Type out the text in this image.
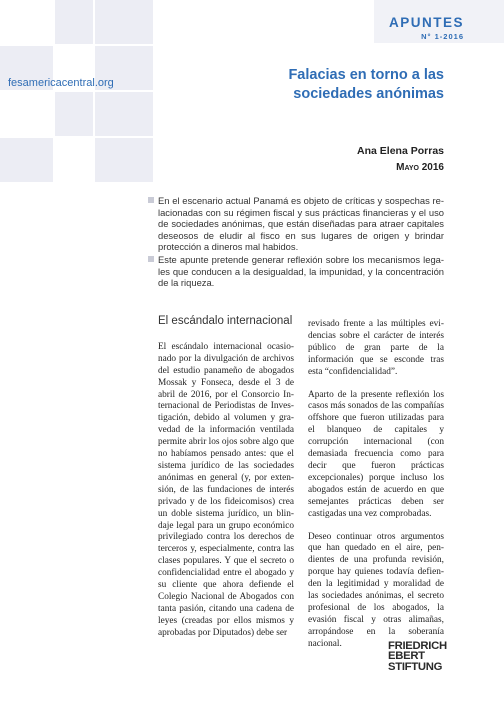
APUNTES
N° 1-2016
fesamericacentral.org	Falacias en torno a las
sociedades anónimas
Ana Elena Porras
Mayo 2016
En el escenario actual Panamá es objeto de críticas y sospechas relacionadas con su régimen fiscal y sus prácticas financieras y el uso de sociedades anónimas, que están diseñadas para atraer capitales deseosos de eludir al fisco en sus lugares de origen y brindar protección a dineros mal habidos.
Este apunte pretende generar reflexión sobre los mecanismos legales que conducen a la desigualdad, la impunidad, y la concentración de la riqueza.
El escándalo internacional

El escándalo internacional ocasionado por la divulgación de archivos del estudio panameño de abogados Mossak y Fonseca, desde el 3 de abril de 2016, por el Consorcio Internacional de Periodistas de Investigación, debido al volumen y gravedad de la información ventilada permite abrir los ojos sobre algo que no habíamos pensado antes: que el sistema jurídico de las sociedades anónimas en general (y, por extensión, de las fundaciones de interés privado y de los fideicomisos) crea un doble sistema jurídico, un blindaje legal para un grupo económico privilegiado contra los derechos de terceros y, especialmente, contra las clases populares. Y que el secreto o confidencialidad entre el abogado y su cliente que ahora defiende el Colegio Nacional de Abogados con tanta pasión, citando una cadena de leyes (creadas por ellos mismos y aprobadas por Diputados) debe ser

revisado frente a las múltiples evidencias sobre el carácter de interés público de gran parte de la información que se esconde tras esta “confidencialidad”.

Aparto de la presente reflexión los casos más sonados de las compañías offshore que fueron utilizadas para el blanqueo de capitales y corrupción internacional (con demasiada frecuencia como para decir que fueron prácticas excepcionales) porque incluso los abogados están de acuerdo en que semejantes prácticas deben ser castigadas una vez comprobadas.

Deseo continuar otros argumentos que han quedado en el aire, pendientes de una profunda revisión, porque hay quienes todavía defienden la legitimidad y moralidad de las sociedades anónimas, el secreto profesional de los abogados, la evasión fiscal y otras alimañas, arropándose en la soberanía nacional.	FRIEDRICH
EBERT
STIFTUNG
